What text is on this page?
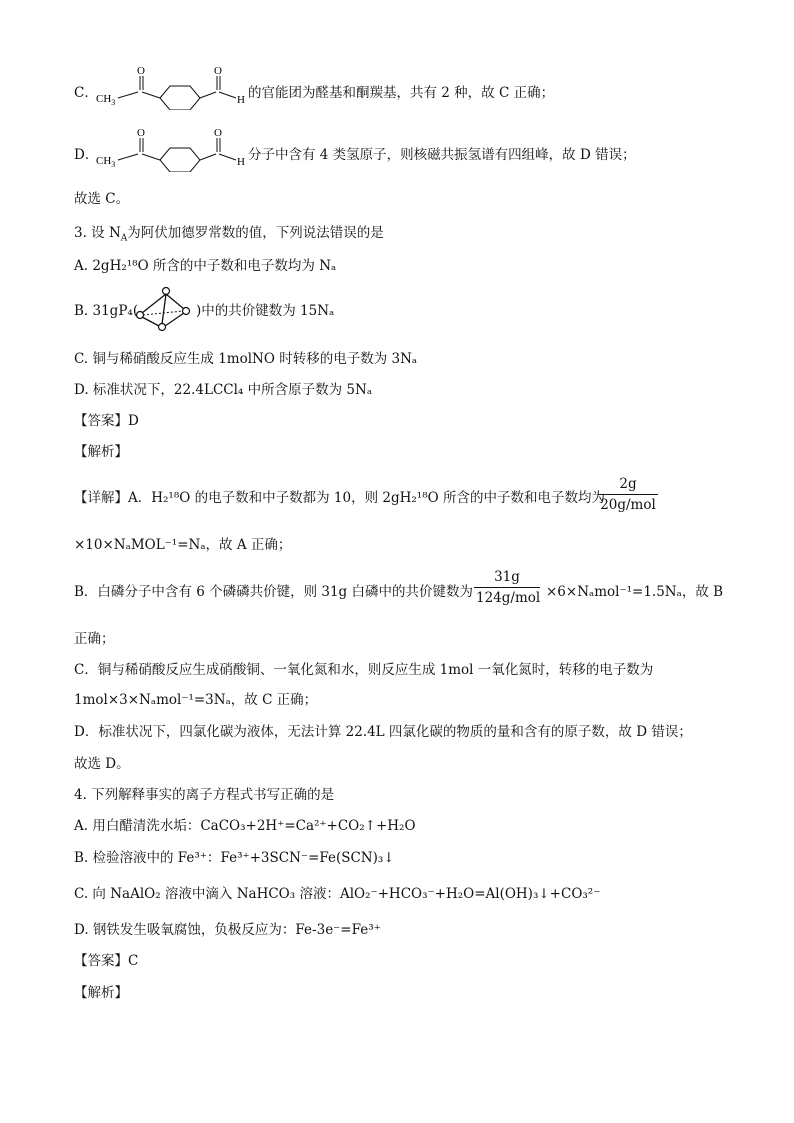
C．
$CH_3$
O	O
H 的官能团为醛基和酮羰基，共有 2 种，故 C 正确；
D．
$CH_3$
O	O
H 分子中含有 4 类氢原子，则核磁共振氢谱有四组峰，故 D 错误；
故选 C。
3. 设 $N_A$为阿伏加德罗常数的值，下列说法错误的是
A. 2gH₂¹⁸O 所含的中子数和电子数均为 Nₐ
B. 31gP₄(	)中的共价键数为 15Nₐ
C. 铜与稀硝酸反应生成 1molNO 时转移的电子数为 3Nₐ
D. 标准状况下，22.4LCCl₄ 中所含原子数为 5Nₐ
【答案】D
【解析】
【详解】A．H₂¹⁸O 的电子数和中子数都为 10，则 2gH₂¹⁸O 所含的中子数和电子数均为
2g
20g/mol
×10×NₐMOL⁻¹=Nₐ，故 A 正确；
B．白磷分子中含有 6 个磷磷共价键，则 31g 白磷中的共价键数为
31g
124g/mol ×6×Nₐmol⁻¹=1.5Nₐ，故 B
正确；
C．铜与稀硝酸反应生成硝酸铜、一氧化氮和水，则反应生成 1mol 一氧化氮时，转移的电子数为
1mol×3×Nₐmol⁻¹=3Nₐ，故 C 正确；
D．标准状况下，四氯化碳为液体，无法计算 22.4L 四氯化碳的物质的量和含有的原子数，故 D 错误；
故选 D。
4. 下列解释事实的离子方程式书写正确的是
A. 用白醋清洗水垢：CaCO₃+2H⁺=Ca²⁺+CO₂↑+H₂O
B. 检验溶液中的 Fe³⁺：Fe³⁺+3SCN⁻=Fe(SCN)₃↓
C. 向 NaAlO₂ 溶液中滴入 NaHCO₃ 溶液：AlO₂⁻+HCO₃⁻+H₂O=Al(OH)₃↓+CO₃²⁻
D. 钢铁发生吸氧腐蚀，负极反应为：Fe-3e⁻=Fe³⁺
【答案】C
【解析】
